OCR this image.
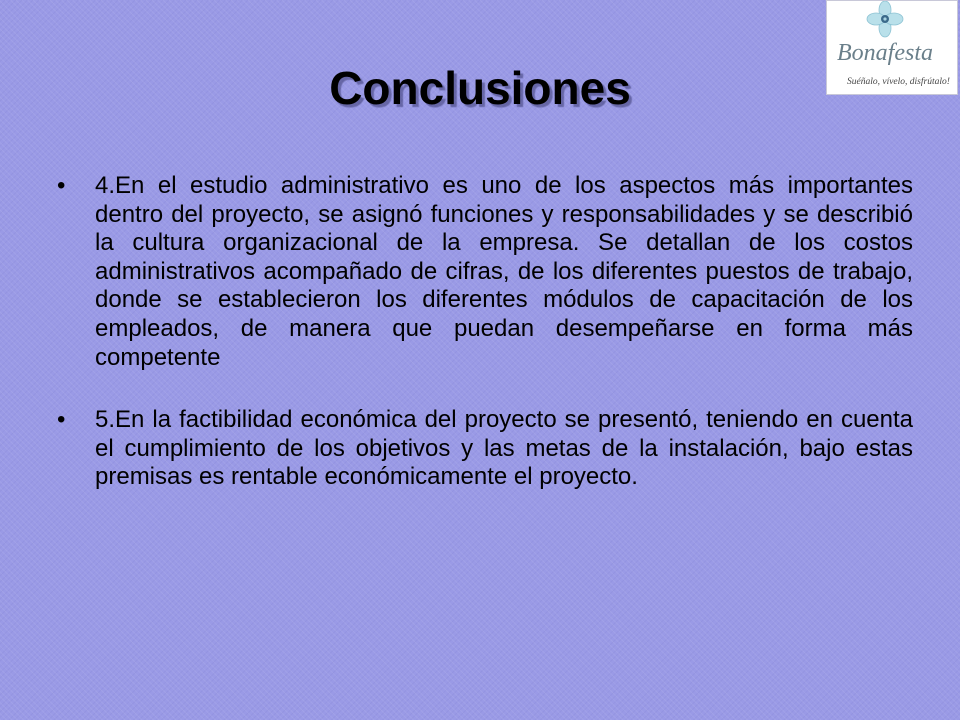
Conclusiones
•	4.En el estudio administrativo es uno de los aspectos más importantes dentro del proyecto, se asignó funciones y responsabilidades y se describió la cultura organizacional de la empresa. Se detallan de los costos administrativos acompañado de cifras, de los diferentes puestos de trabajo, donde se establecieron los diferentes módulos de capacitación de los empleados, de manera que puedan desempeñarse en forma más competente
•	5.En la factibilidad económica del proyecto se presentó, teniendo en cuenta el cumplimiento de los objetivos y las metas de la instalación, bajo estas premisas es rentable económicamente el proyecto.
Bonafesta
Suéñalo, vívelo, disfrútalo!
